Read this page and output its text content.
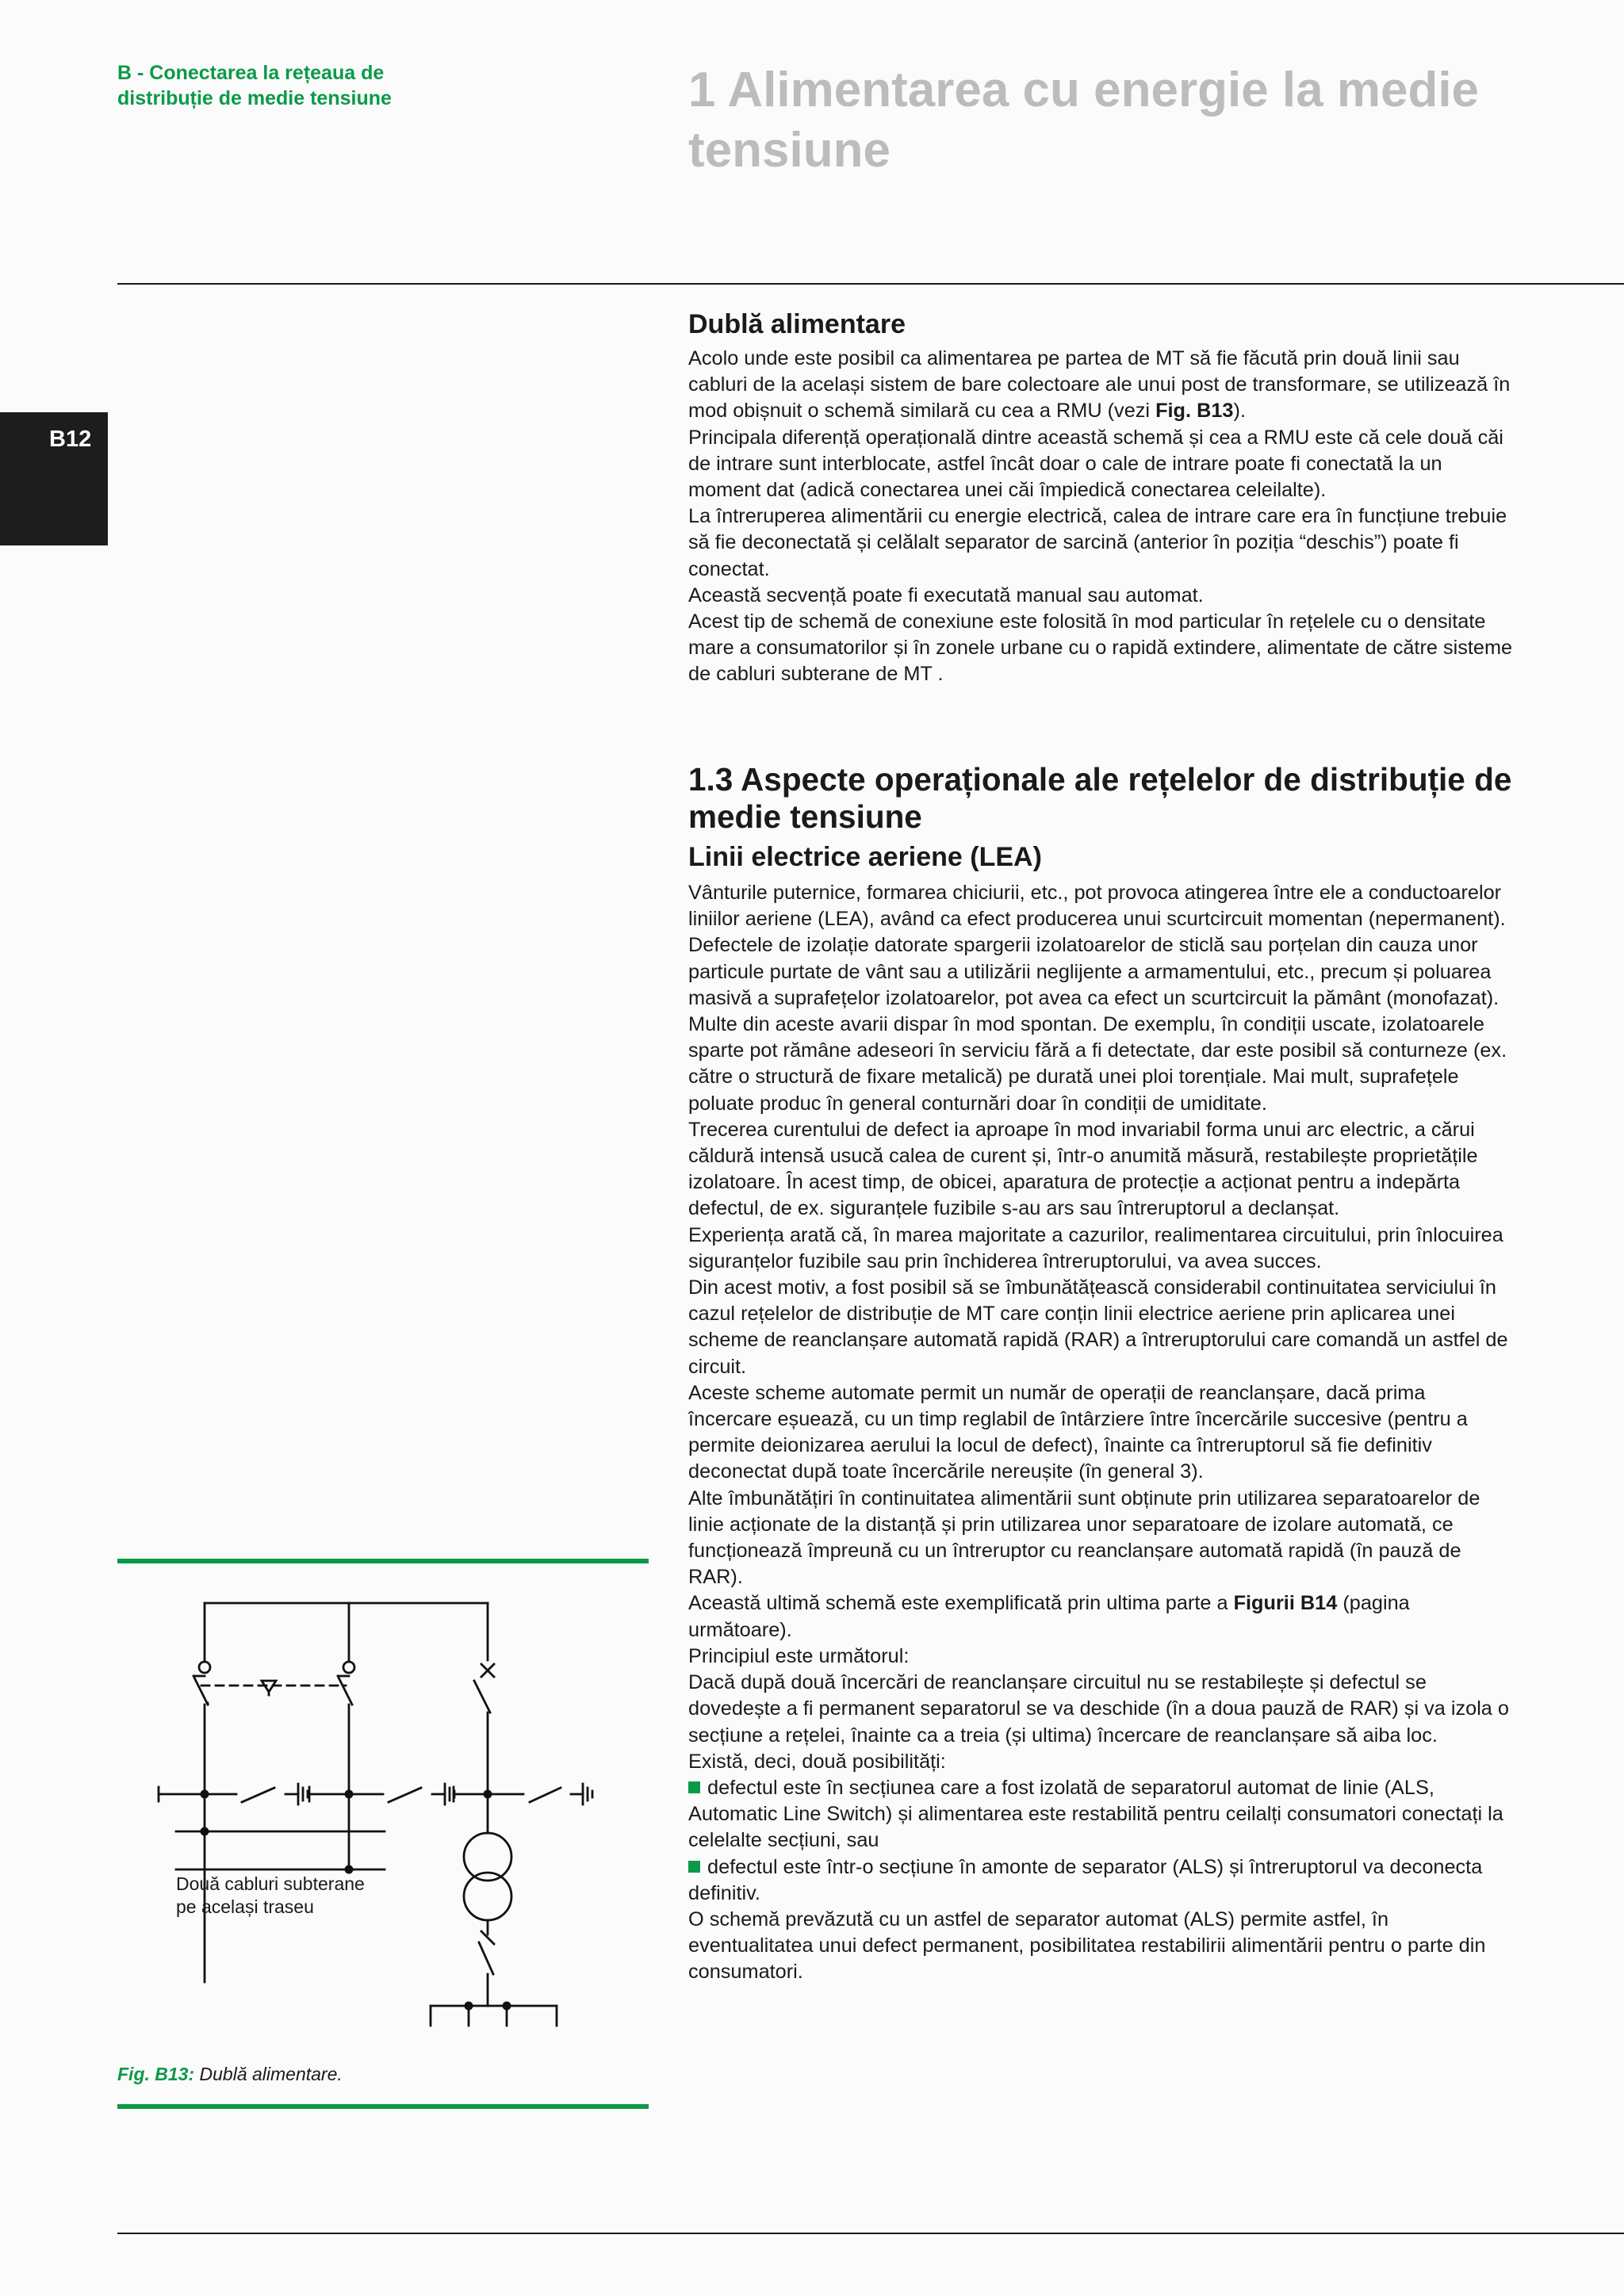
B - Conectarea la rețeaua de distribuție de medie tensiune	1 Alimentarea cu energie la medie tensiune
B12

Dublă alimentare

Acolo unde este posibil ca alimentarea pe partea de MT să fie făcută prin două linii sau cabluri de la același sistem de bare colectoare ale unui post de transformare, se utilizează în mod obișnuit o schemă similară cu cea a RMU (vezi Fig. B13).

Principala diferență operațională dintre această schemă și cea a RMU este că cele două căi de intrare sunt interblocate, astfel încât doar o cale de intrare poate fi conectată la un moment dat (adică conectarea unei căi împiedică conectarea celeilalte).

La întreruperea alimentării cu energie electrică, calea de intrare care era în funcțiune trebuie să fie deconectată și celălalt separator de sarcină (anterior în poziția “deschis”) poate fi conectat.

Această secvență poate fi executată manual sau automat.

Acest tip de schemă de conexiune este folosită în mod particular în rețelele cu o densitate mare a consumatorilor și în zonele urbane cu o rapidă extindere, alimentate de către sisteme de cabluri subterane de MT .

1.3 Aspecte operaționale ale rețelelor de distribuție de medie tensiune

Linii electrice aeriene (LEA)

Vânturile puternice, formarea chiciurii, etc., pot provoca atingerea între ele a conductoarelor liniilor aeriene (LEA), având ca efect producerea unui scurtcircuit momentan (nepermanent).

Defectele de izolație datorate spargerii izolatoarelor de sticlă sau porțelan din cauza unor particule purtate de vânt sau a utilizării neglijente a armamentului, etc., precum și poluarea masivă a suprafețelor izolatoarelor, pot avea ca efect un scurtcircuit la pământ (monofazat).

Multe din aceste avarii dispar în mod spontan. De exemplu, în condiții uscate, izolatoarele sparte pot rămâne adeseori în serviciu fără a fi detectate, dar este posibil să conturneze (ex. către o structură de fixare metalică) pe durată unei ploi torențiale. Mai mult, suprafețele poluate produc în general conturnări doar în condiții de umiditate.

Trecerea curentului de defect ia aproape în mod invariabil forma unui arc electric, a cărui căldură intensă usucă calea de curent și, într-o anumită măsură, restabilește proprietățile izolatoare. În acest timp, de obicei, aparatura de protecție a acționat pentru a indepărta defectul, de ex. siguranțele fuzibile s-au ars sau întreruptorul a declanșat.

Experiența arată că, în marea majoritate a cazurilor, realimentarea circuitului, prin înlocuirea siguranțelor fuzibile sau prin închiderea întreruptorului, va avea succes.

Din acest motiv, a fost posibil să se îmbunătățească considerabil continuitatea serviciului în cazul rețelelor de distribuție de MT care conțin linii electrice aeriene prin aplicarea unei scheme de reanclanșare automată rapidă (RAR) a întreruptorului care comandă un astfel de circuit.

Aceste scheme automate permit un număr de operații de reanclanșare, dacă prima încercare eșuează, cu un timp reglabil de întârziere între încercările succesive (pentru a permite deionizarea aerului la locul de defect), înainte ca întreruptorul să fie definitiv deconectat după toate încercările nereușite (în general 3).

Alte îmbunătățiri în continuitatea alimentării sunt obținute prin utilizarea separatoarelor de linie acționate de la distanță și prin utilizarea unor separatoare de izolare automată, ce funcționează împreună cu un întreruptor cu reanclanșare automată rapidă (în pauză de RAR).

Această ultimă schemă este exemplificată prin ultima parte a Figurii B14 (pagina următoare).

Principiul este următorul:

Dacă după două încercări de reanclanșare circuitul nu se restabilește și defectul se dovedește a fi permanent separatorul se va deschide (în a doua pauză de RAR) și va izola o secțiune a rețelei, înainte ca a treia (și ultima) încercare de reanclanșare să aiba loc.

Există, deci, două posibilități:

defectul este în secțiunea care a fost izolată de separatorul automat de linie (ALS, Automatic Line Switch) și alimentarea este restabilită pentru ceilalți consumatori conectați la celelalte secțiuni, sau

defectul este într-o secțiune în amonte de separator (ALS) și întreruptorul va deconecta definitiv.

O schemă prevăzută cu un astfel de separator automat (ALS) permite astfel, în eventualitatea unui defect permanent, posibilitatea restabilirii alimentării pentru o parte din consumatori.

Două cabluri subterane pe același traseu
Fig. B13: Dublă alimentare.
